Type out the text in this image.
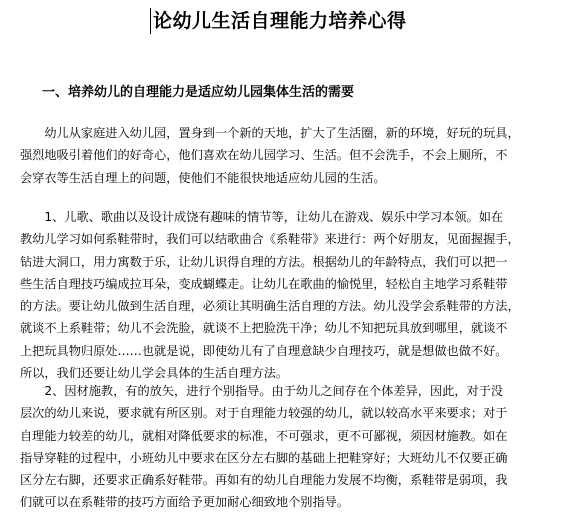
论幼儿生活自理能力培养心得
一、培养幼儿的自理能力是适应幼儿园集体生活的需要
　　幼儿从家庭进入幼儿园，置身到一个新的天地，扩大了生活圈，新的环境，好玩的玩具，
强烈地吸引着他们的好奇心，他们喜欢在幼儿园学习、生活。但不会洗手，不会上厕所，不
会穿衣等生活自理上的问题，使他们不能很快地适应幼儿园的生活。
　　1、儿歌、歌曲以及设计成饶有趣味的情节等，让幼儿在游戏、娱乐中学习本领。如在
教幼儿学习如何系鞋带时，我们可以结歌曲合《系鞋带》来进行：两个好朋友，见面握握手，
钻进大洞口，用力寓数于乐，让幼儿识得自理的方法。根据幼儿的年龄特点，我们可以把一
些生活自理技巧编成拉耳朵，变成蝴蝶走。让幼儿在歌曲的愉悦里，轻松自主地学习系鞋带
的方法。要让幼儿做到生活自理，必须让其明确生活自理的方法。幼儿没学会系鞋带的方法，
就谈不上系鞋带；幼儿不会洗脸，就谈不上把脸洗干净；幼儿不知把玩具放到哪里，就谈不
上把玩具物归原处……也就是说，即使幼儿有了自理意缺少自理技巧，就是想做也做不好。
所以，我们还要让幼儿学会具体的生活自理方法。
　　2、因材施教，有的放矢，进行个别指导。由于幼儿之间存在个体差异，因此，对于没
层次的幼儿来说，要求就有所区别。对于自理能力较强的幼儿，就以较高水平来要求；对于
自理能力较差的幼儿，就相对降低要求的标准，不可强求，更不可鄙视，须因材施教。如在
指导穿鞋的过程中，小班幼儿中要求在区分左右脚的基础上把鞋穿好；大班幼儿不仅要正确
区分左右脚，还要求正确系好鞋带。再如有的幼儿自理能力发展不均衡，系鞋带是弱项，我
们就可以在系鞋带的技巧方面给予更加耐心细致地个别指导。
